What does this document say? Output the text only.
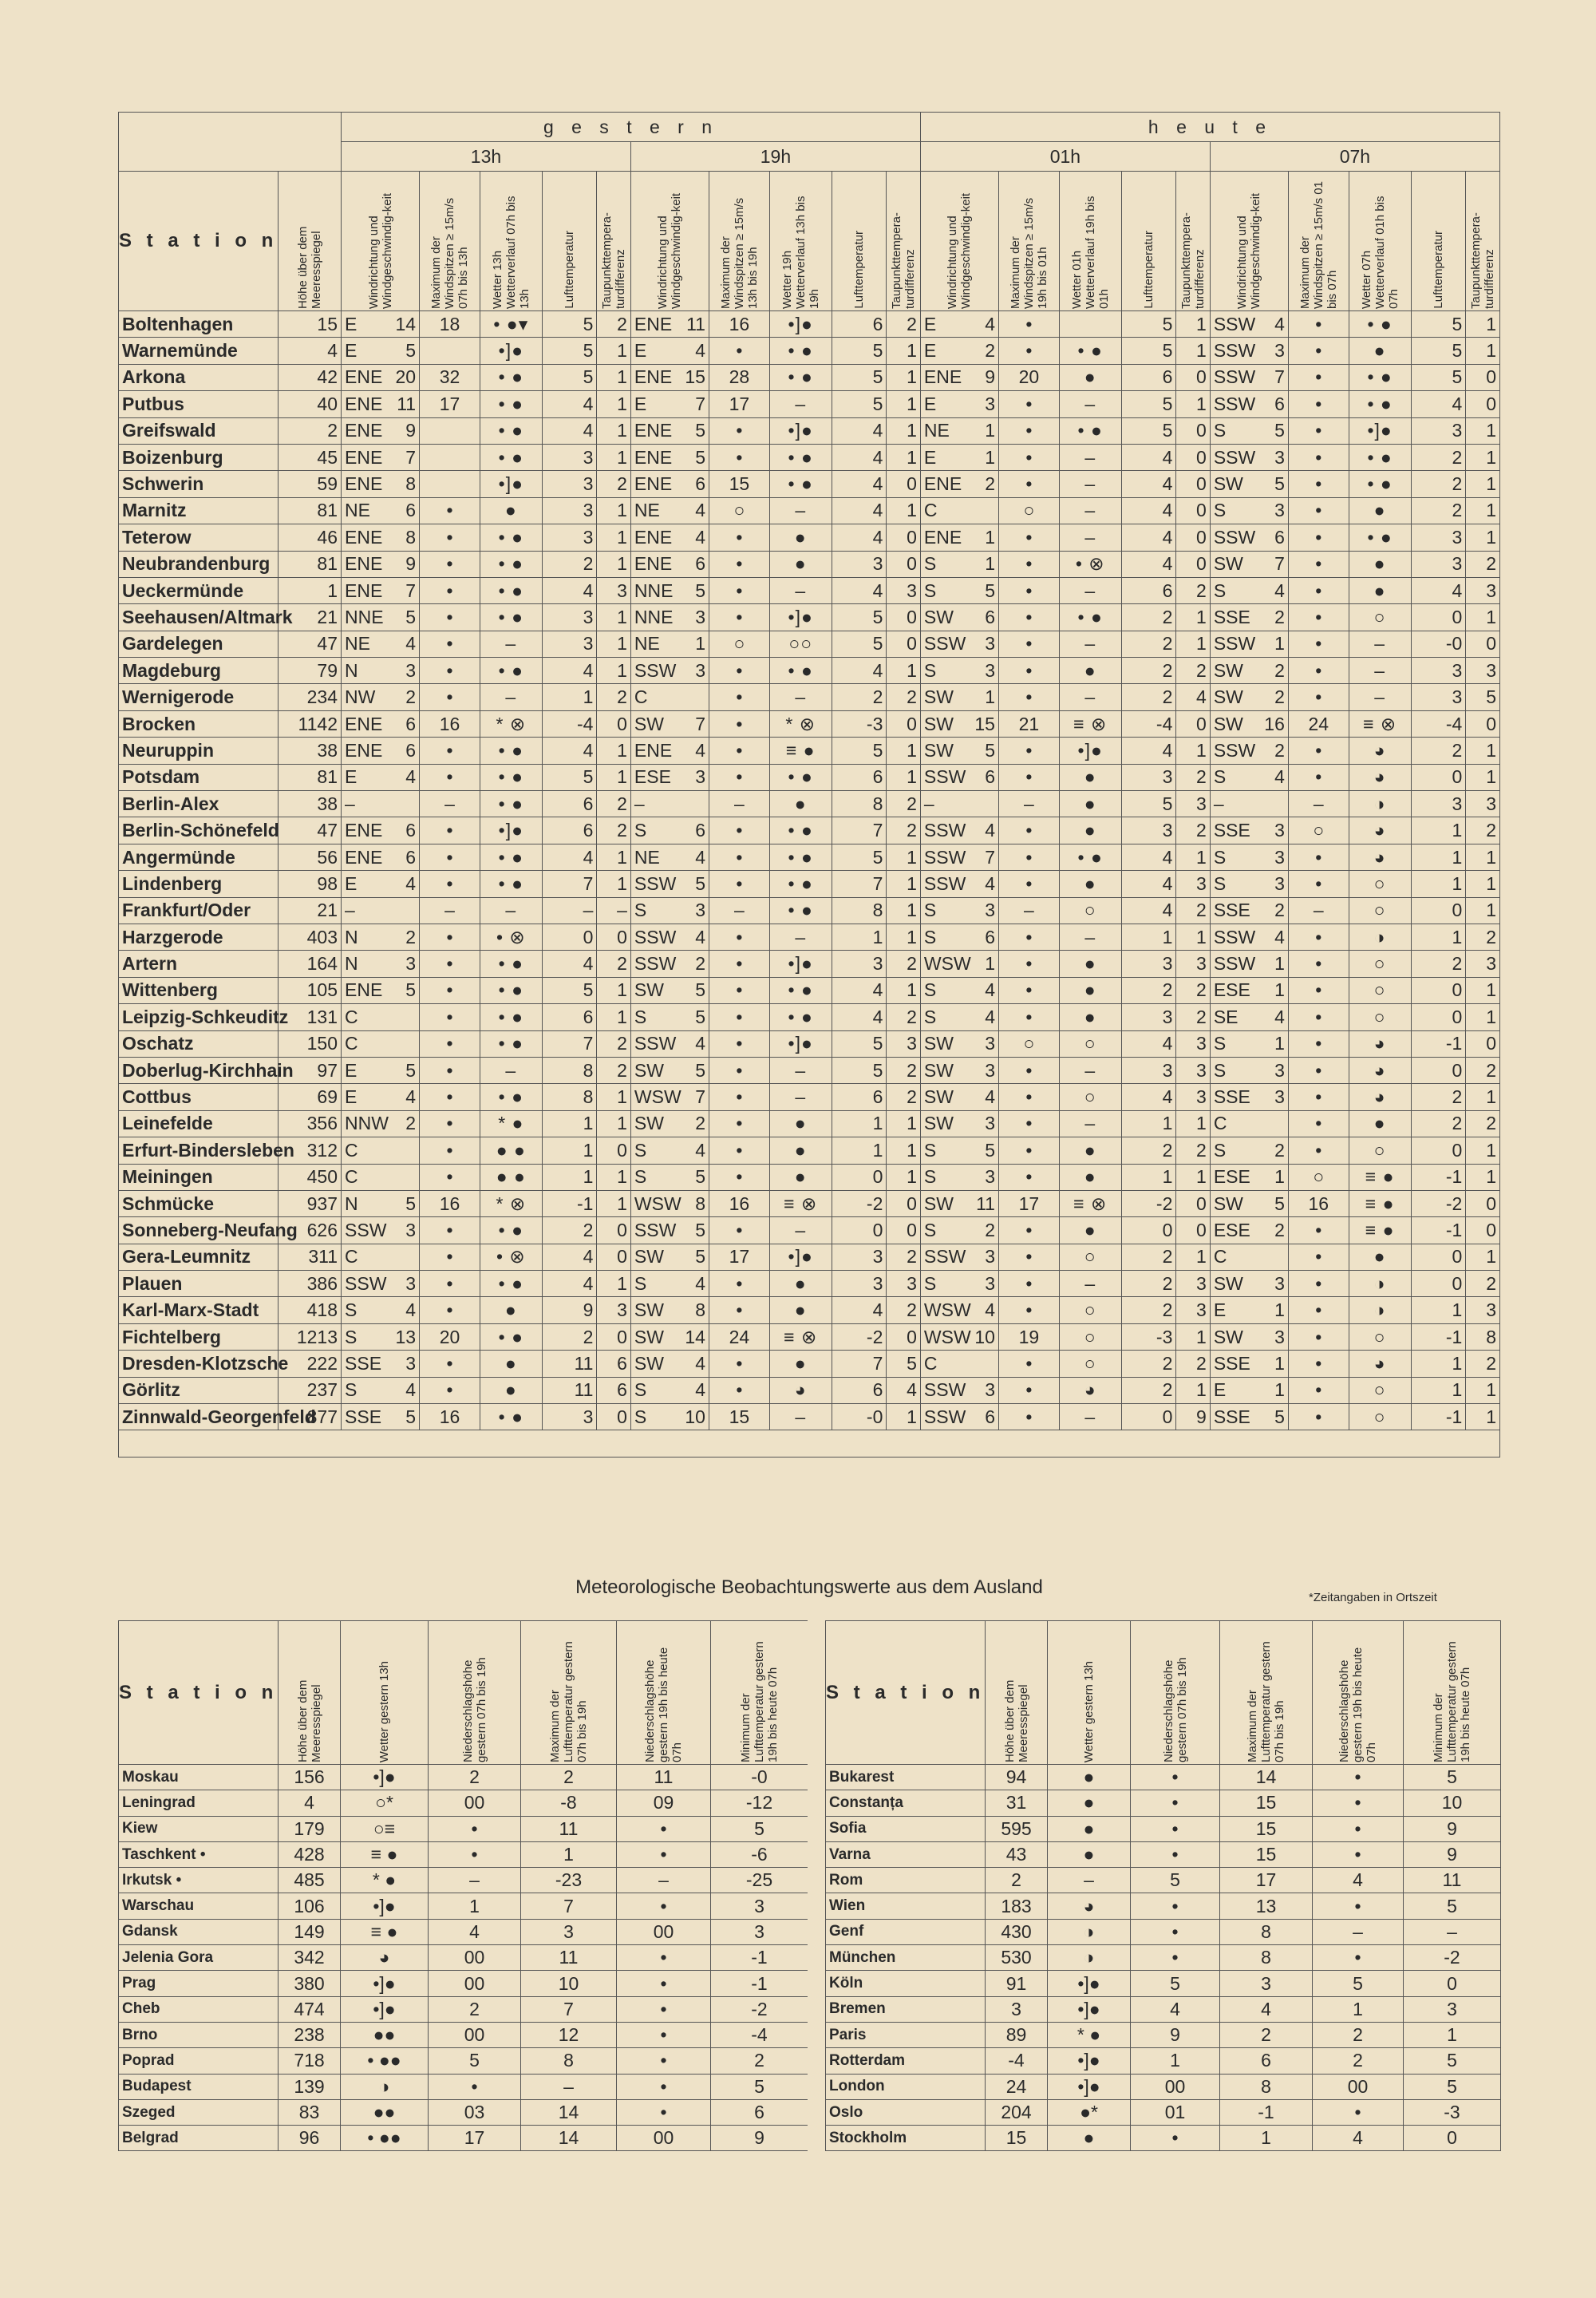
		g e s t e r n										h e u t e									
		13h					19h					01h					07h				
S t a t i o n	Höhe über dem Meeresspiegel	Windrichtung und Windgeschwindig-keit	Maximum der Windspitzen ≥ 15m/s 07h bis 13h	Wetter 13h Wetterverlauf 07h bis 13h	Lufttemperatur	Taupunkttempera-turdifferenz	Windrichtung und Windgeschwindig-keit	Maximum der Windspitzen ≥ 15m/s 13h bis 19h	Wetter 19h Wetterverlauf 13h bis 19h	Lufttemperatur	Taupunkttempera-turdifferenz	Windrichtung und Windgeschwindig-keit	Maximum der Windspitzen ≥ 15m/s 19h bis 01h	Wetter 01h Wetterverlauf 19h bis 01h	Lufttemperatur	Taupunkttempera-turdifferenz	Windrichtung und Windgeschwindig-keit	Maximum der Windspitzen ≥ 15m/s 01 bis 07h	Wetter 07h Wetterverlauf 01h bis 07h	Lufttemperatur	Taupunkttempera-turdifferenz

Boltenhagen	15	E 14	18	• ●▾	5	2	ENE 11	16	•]●	6	2	E 4	•		5	1	SSW 4	•	• ●	5	1
Warnemünde	4	E 5		•]●	5	1	E 4	•	• ●	5	1	E 2	•	• ●	5	1	SSW 3	•	●	5	1
Arkona	42	ENE 20	32	• ●	5	1	ENE 15	28	• ●	5	1	ENE 9	20	●	6	0	SSW 7	•	• ●	5	0
Putbus	40	ENE 11	17	• ●	4	1	E 7	17	–	5	1	E 3	•	–	5	1	SSW 6	•	• ●	4	0
Greifswald	2	ENE 9		• ●	4	1	ENE 5	•	•]●	4	1	NE 1	•	• ●	5	0	S 5	•	•]●	3	1
Boizenburg	45	ENE 7		• ●	3	1	ENE 5	•	• ●	4	1	E 1	•	–	4	0	SSW 3	•	• ●	2	1
Schwerin	59	ENE 8		•]●	3	2	ENE 6	15	• ●	4	0	ENE 2	•	–	4	0	SW 5	•	• ●	2	1
Marnitz	81	NE 6	•	●	3	1	NE 4	○	–	4	1	C	○	–	4	0	S 3	•	●	2	1
Teterow	46	ENE 8	•	• ●	3	1	ENE 4	•	●	4	0	ENE 1	•	–	4	0	SSW 6	•	• ●	3	1
Neubrandenburg	81	ENE 9	•	• ●	2	1	ENE 6	•	●	3	0	S 1	•	• ⊗	4	0	SW 7	•	●	3	2
Ueckermünde	1	ENE 7	•	• ●	4	3	NNE 5	•	–	4	3	S 5	•	–	6	2	S 4	•	●	4	3
Seehausen/Altmark	21	NNE 5	•	• ●	3	1	NNE 3	•	•]●	5	0	SW 6	•	• ●	2	1	SSE 2	•	○	0	1
Gardelegen	47	NE 4	•	–	3	1	NE 1	○	○○	5	0	SSW 3	•	–	2	1	SSW 1	•	–	-0	0
Magdeburg	79	N 3	•	• ●	4	1	SSW 3	•	• ●	4	1	S 3	•	●	2	2	SW 2	•	–	3	3
Wernigerode	234	NW 2	•	–	1	2	C	•	–	2	2	SW 1	•	–	2	4	SW 2	•	–	3	5
Brocken	1142	ENE 6	16	* ⊗	-4	0	SW 7	•	* ⊗	-3	0	SW 15	21	≡ ⊗	-4	0	SW 16	24	≡ ⊗	-4	0
Neuruppin	38	ENE 6	•	• ●	4	1	ENE 4	•	≡ ●	5	1	SW 5	•	•]●	4	1	SSW 2	•	◕	2	1
Potsdam	81	E 4	•	• ●	5	1	ESE 3	•	• ●	6	1	SSW 6	•	●	3	2	S 4	•	◕	0	1
Berlin-Alex	38	–	–	• ●	6	2	–	–	●	8	2	–	–	●	5	3	–	–	◑	3	3
Berlin-Schönefeld	47	ENE 6	•	•]●	6	2	S 6	•	• ●	7	2	SSW 4	•	●	3	2	SSE 3	○	◕	1	2
Angermünde	56	ENE 6	•	• ●	4	1	NE 4	•	• ●	5	1	SSW 7	•	• ●	4	1	S 3	•	◕	1	1
Lindenberg	98	E 4	•	• ●	7	1	SSW 5	•	• ●	7	1	SSW 4	•	●	4	3	S 3	•	○	1	1
Frankfurt/Oder	21	–	–	–	–	–	S 3	–	• ●	8	1	S 3	–	○	4	2	SSE 2	–	○	0	1
Harzgerode	403	N 2	•	• ⊗	0	0	SSW 4	•	–	1	1	S 6	•	–	1	1	SSW 4	•	◑	1	2
Artern	164	N 3	•	• ●	4	2	SSW 2	•	•]●	3	2	WSW 1	•	●	3	3	SSW 1	•	○	2	3
Wittenberg	105	ENE 5	•	• ●	5	1	SW 5	•	• ●	4	1	S 4	•	●	2	2	ESE 1	•	○	0	1
Leipzig-Schkeuditz	131	C	•	• ●	6	1	S 5	•	• ●	4	2	S 4	•	●	3	2	SE 4	•	○	0	1
Oschatz	150	C	•	• ●	7	2	SSW 4	•	•]●	5	3	SW 3	○	○	4	3	S 1	•	◕	-1	0
Doberlug-Kirchhain	97	E 5	•	–	8	2	SW 5	•	–	5	2	SW 3	•	–	3	3	S 3	•	◕	0	2
Cottbus	69	E 4	•	• ●	8	1	WSW 7	•	–	6	2	SW 4	•	○	4	3	SSE 3	•	◕	2	1
Leinefelde	356	NNW 2	•	* ●	1	1	SW 2	•	●	1	1	SW 3	•	–	1	1	C	•	●	2	2
Erfurt-Bindersleben	312	C	•	● ●	1	0	S 4	•	●	1	1	S 5	•	●	2	2	S 2	•	○	0	1
Meiningen	450	C	•	● ●	1	1	S 5	•	●	0	1	S 3	•	●	1	1	ESE 1	○	≡ ●	-1	1
Schmücke	937	N 5	16	* ⊗	-1	1	WSW 8	16	≡ ⊗	-2	0	SW 11	17	≡ ⊗	-2	0	SW 5	16	≡ ●	-2	0
Sonneberg-Neufang	626	SSW 3	•	• ●	2	0	SSW 5	•	–	0	0	S 2	•	●	0	0	ESE 2	•	≡ ●	-1	0
Gera-Leumnitz	311	C	•	• ⊗	4	0	SW 5	17	•]●	3	2	SSW 3	•	○	2	1	C	•	●	0	1
Plauen	386	SSW 3	•	• ●	4	1	S 4	•	●	3	3	S 3	•	–	2	3	SW 3	•	◑	0	2
Karl-Marx-Stadt	418	S 4	•	●	9	3	SW 8	•	●	4	2	WSW 4	•	○	2	3	E 1	•	◑	1	3
Fichtelberg	1213	S 13	20	• ●	2	0	SW 14	24	≡ ⊗	-2	0	WSW 10	19	○	-3	1	SW 3	•	○	-1	8
Dresden-Klotzsche	222	SSE 3	•	●	11	6	SW 4	•	●	7	5	C	•	○	2	2	SSE 1	•	◕	1	2
Görlitz	237	S 4	•	●	11	6	S 4	•	◕	6	4	SSW 3	•	◕	2	1	E 1	•	○	1	1
Zinnwald-Georgenfeld	877	SSE 5	16	• ●	3	0	S 10	15	–	-0	1	SSW 6	•	–	0	9	SSE 5	•	○	-1	1

Meteorologische Beobachtungswerte aus dem Ausland	*Zeitangaben in Ortszeit
S t a t i o n	Höhe über dem Meeresspiegel	Wetter gestern 13h	Niederschlagshöhe gestern 07h bis 19h	Maximum der Lufttemperatur gestern 07h bis 19h	Niederschlagshöhe gestern 19h bis heute 07h	Minimum der Lufttemperatur gestern 19h bis heute 07h

Moskau	156	•]●	2	2	11	-0
Leningrad	4	○*	00	-8	09	-12
Kiew	179	○≡	•	11	•	5
Taschkent •	428	≡ ●	•	1	•	-6
Irkutsk •	485	* ●	–	-23	–	-25
Warschau	106	•]●	1	7	•	3
Gdansk	149	≡ ●	4	3	00	3
Jelenia Gora	342	◕	00	11	•	-1
Prag	380	•]●	00	10	•	-1
Cheb	474	•]●	2	7	•	-2
Brno	238	●●	00	12	•	-4
Poprad	718	• ●●	5	8	•	2
Budapest	139	◑	•	–	•	5
Szeged	83	●●	03	14	•	6
Belgrad	96	• ●●	17	14	00	9
S t a t i o n	Höhe über dem Meeresspiegel	Wetter gestern 13h	Niederschlagshöhe gestern 07h bis 19h	Maximum der Lufttemperatur gestern 07h bis 19h	Niederschlagshöhe gestern 19h bis heute 07h	Minimum der Lufttemperatur gestern 19h bis heute 07h

Bukarest	94	●	•	14	•	5
Constanța	31	●	•	15	•	10
Sofia	595	●	•	15	•	9
Varna	43	●	•	15	•	9
Rom	2	–	5	17	4	11
Wien	183	◕	•	13	•	5
Genf	430	◑	•	8	–	–
München	530	◑	•	8	•	-2
Köln	91	•]●	5	3	5	0
Bremen	3	•]●	4	4	1	3
Paris	89	* ●	9	2	2	1
Rotterdam	-4	•]●	1	6	2	5
London	24	•]●	00	8	00	5
Oslo	204	●*	01	-1	•	-3
Stockholm	15	●	•	1	4	0
